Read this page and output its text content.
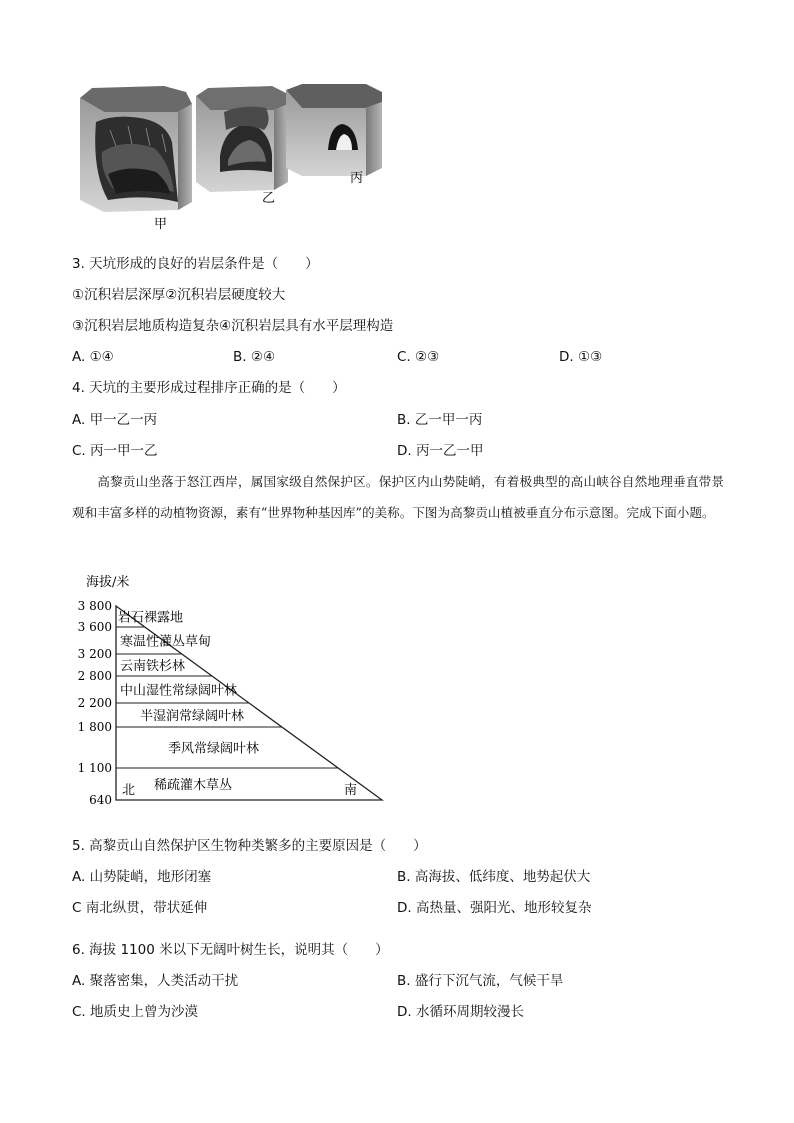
甲
乙
丙
3. 天坑形成的良好的岩层条件是（　　）
①沉积岩层深厚②沉积岩层硬度较大
③沉积岩层地质构造复杂④沉积岩层具有水平层理构造
A. ①④	B. ②④	C. ②③	D. ①③
4. 天坑的主要形成过程排序正确的是（　　）
A. 甲一乙一丙	B. 乙一甲一丙
C. 丙一甲一乙	D. 丙一乙一甲

高黎贡山坐落于怒江西岸，属国家级自然保护区。保护区内山势陡峭，有着极典型的高山峡谷自然地理垂直带景观和丰富多样的动植物资源，素有“世界物种基因库”的美称。下图为高黎贡山植被垂直分布示意图。完成下面小题。

海拔/米
3 800
3 600
3 200
2 800
2 200
1 800
1 100
640
岩石裸露地
寒温性灌丛草甸
云南铁杉林
中山湿性常绿阔叶林
半湿润常绿阔叶林
季风常绿阔叶林
稀疏灌木草丛
北	南
5. 高黎贡山自然保护区生物种类繁多的主要原因是（　　）
A. 山势陡峭，地形闭塞	B. 高海拔、低纬度、地势起伏大
C 南北纵贯，带状延伸	D. 高热量、强阳光、地形较复杂
6. 海拔 1100 米以下无阔叶树生长，说明其（　　）
A. 聚落密集，人类活动干扰	B. 盛行下沉气流，气候干旱
C. 地质史上曾为沙漠	D. 水循环周期较漫长
